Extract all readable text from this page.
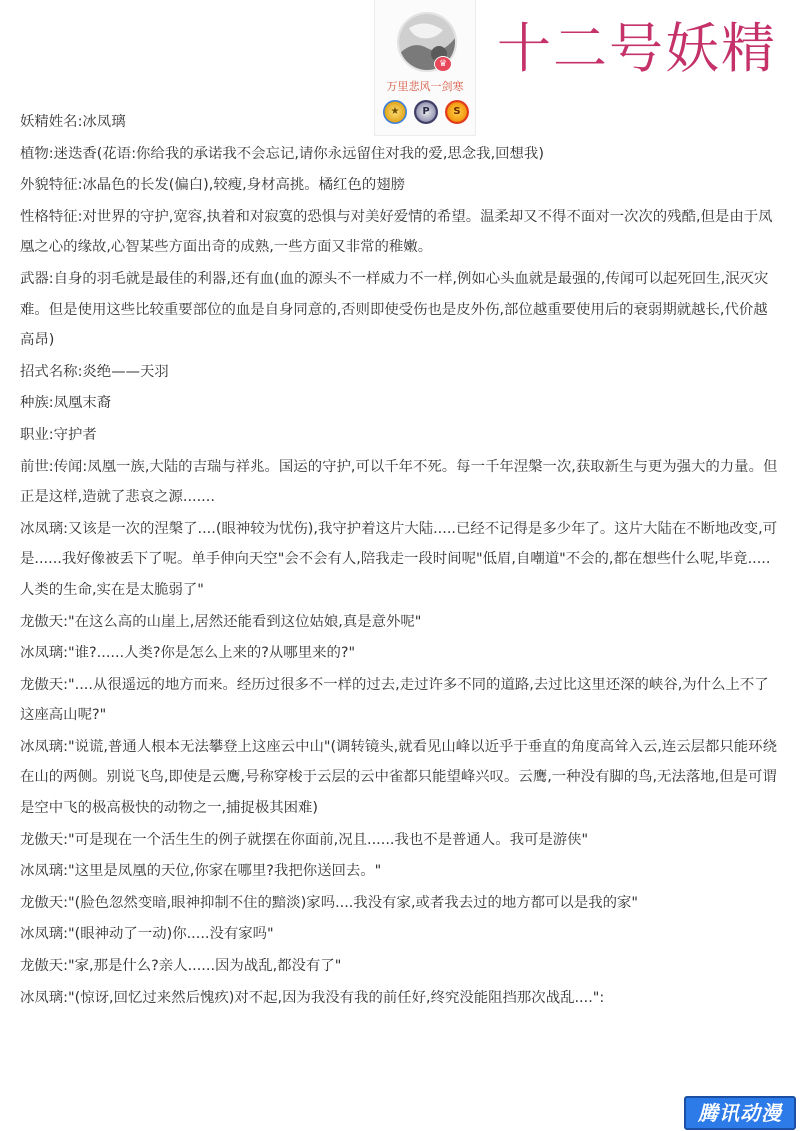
♛
万里悲风一剑寒
★	P	S
十二号妖精

妖精姓名:冰凤璃

植物:迷迭香(花语:你给我的承诺我不会忘记,请你永远留住对我的爱,思念我,回想我)

外貌特征:冰晶色的长发(偏白),较瘦,身材高挑。橘红色的翅膀

性格特征:对世界的守护,宽容,执着和对寂寞的恐惧与对美好爱情的希望。温柔却又不得不面对一次次的残酷,但是由于凤凰之心的缘故,心智某些方面出奇的成熟,一些方面又非常的稚嫩。

武器:自身的羽毛就是最佳的利器,还有血(血的源头不一样威力不一样,例如心头血就是最强的,传闻可以起死回生,泯灭灾难。但是使用这些比较重要部位的血是自身同意的,否则即使受伤也是皮外伤,部位越重要使用后的衰弱期就越长,代价越高昂)

招式名称:炎绝——天羽

种族:凤凰末裔

职业:守护者

前世:传闻:凤凰一族,大陆的吉瑞与祥兆。国运的守护,可以千年不死。每一千年涅槃一次,获取新生与更为强大的力量。但正是这样,造就了悲哀之源.......

冰凤璃:又该是一次的涅槃了....(眼神较为忧伤),我守护着这片大陆.....已经不记得是多少年了。这片大陆在不断地改变,可是......我好像被丢下了呢。单手伸向天空"会不会有人,陪我走一段时间呢"低眉,自嘲道"不会的,都在想些什么呢,毕竟.....人类的生命,实在是太脆弱了"

龙傲天:"在这么高的山崖上,居然还能看到这位姑娘,真是意外呢"

冰凤璃:"谁?......人类?你是怎么上来的?从哪里来的?"

龙傲天:"....从很遥远的地方而来。经历过很多不一样的过去,走过许多不同的道路,去过比这里还深的峡谷,为什么上不了这座高山呢?"

冰凤璃:"说谎,普通人根本无法攀登上这座云中山"(调转镜头,就看见山峰以近乎于垂直的角度高耸入云,连云层都只能环绕在山的两侧。别说飞鸟,即使是云鹰,号称穿梭于云层的云中雀都只能望峰兴叹。云鹰,一种没有脚的鸟,无法落地,但是可谓是空中飞的极高极快的动物之一,捕捉极其困难)

龙傲天:"可是现在一个活生生的例子就摆在你面前,况且......我也不是普通人。我可是游侠"

冰凤璃:"这里是凤凰的天位,你家在哪里?我把你送回去。"

龙傲天:"(脸色忽然变暗,眼神抑制不住的黯淡)家吗....我没有家,或者我去过的地方都可以是我的家"

冰凤璃:"(眼神动了一动)你.....没有家吗"

龙傲天:"家,那是什么?亲人......因为战乱,都没有了"

冰凤璃:"(惊讶,回忆过来然后愧疚)对不起,因为我没有我的前任好,终究没能阻挡那次战乱....":

腾讯动漫
